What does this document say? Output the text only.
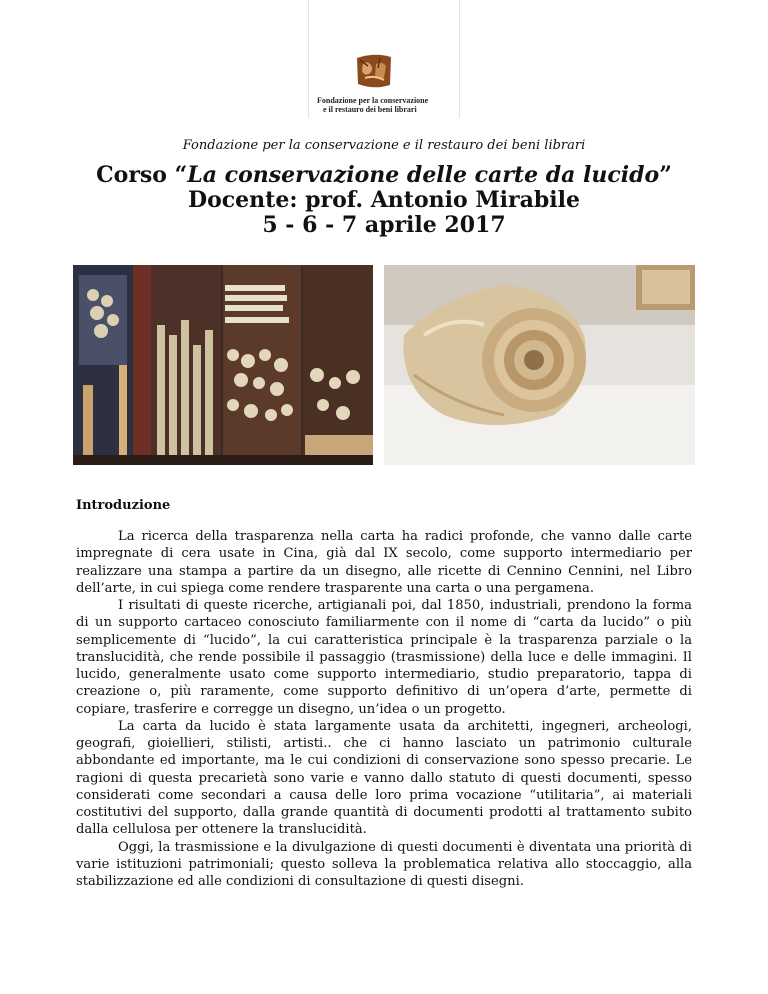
Fondazione per la conservazione
e il restauro dei beni librari
Fondazione per la conservazione e il restauro dei beni librari
Corso “La conservazione delle carte da lucido”
Docente: prof. Antonio Mirabile
5 - 6 - 7 aprile 2017
Introduzione

La ricerca della trasparenza nella carta ha radici profonde, che vanno dalle carte impregnate di cera usate in Cina, già dal IX secolo, come supporto intermediario per realizzare una stampa a partire da un disegno, alle ricette di Cennino Cennini, nel Libro dell’arte, in cui spiega come rendere trasparente una carta o una pergamena.

I risultati di queste ricerche, artigianali poi, dal 1850, industriali, prendono la forma di un supporto cartaceo conosciuto familiarmente con il nome di “carta da lucido” o più semplicemente di “lucido”, la cui caratteristica principale è la trasparenza parziale o la translucidità, che rende possibile il passaggio (trasmissione) della luce e delle immagini. Il lucido, generalmente usato come supporto intermediario, studio preparatorio, tappa di creazione o, più raramente, come supporto definitivo di un’opera d’arte, permette di copiare, trasferire e corregge un disegno, un’idea o un progetto.

La carta da lucido è stata largamente usata da architetti, ingegneri, archeologi, geografi, gioiellieri, stilisti, artisti.. che ci hanno lasciato un patrimonio culturale abbondante ed importante, ma le cui condizioni di conservazione sono spesso precarie. Le ragioni di questa precarietà sono varie e vanno dallo statuto di questi documenti, spesso considerati come secondari a causa delle loro prima vocazione “utilitaria”, ai materiali costitutivi del supporto, dalla grande quantità di documenti prodotti al trattamento subito dalla cellulosa per ottenere la translucidità.

Oggi, la trasmissione e la divulgazione di questi documenti è diventata una priorità di varie istituzioni patrimoniali; questo solleva la problematica relativa allo stoccaggio, alla stabilizzazione ed alle condizioni di consultazione di questi disegni.
